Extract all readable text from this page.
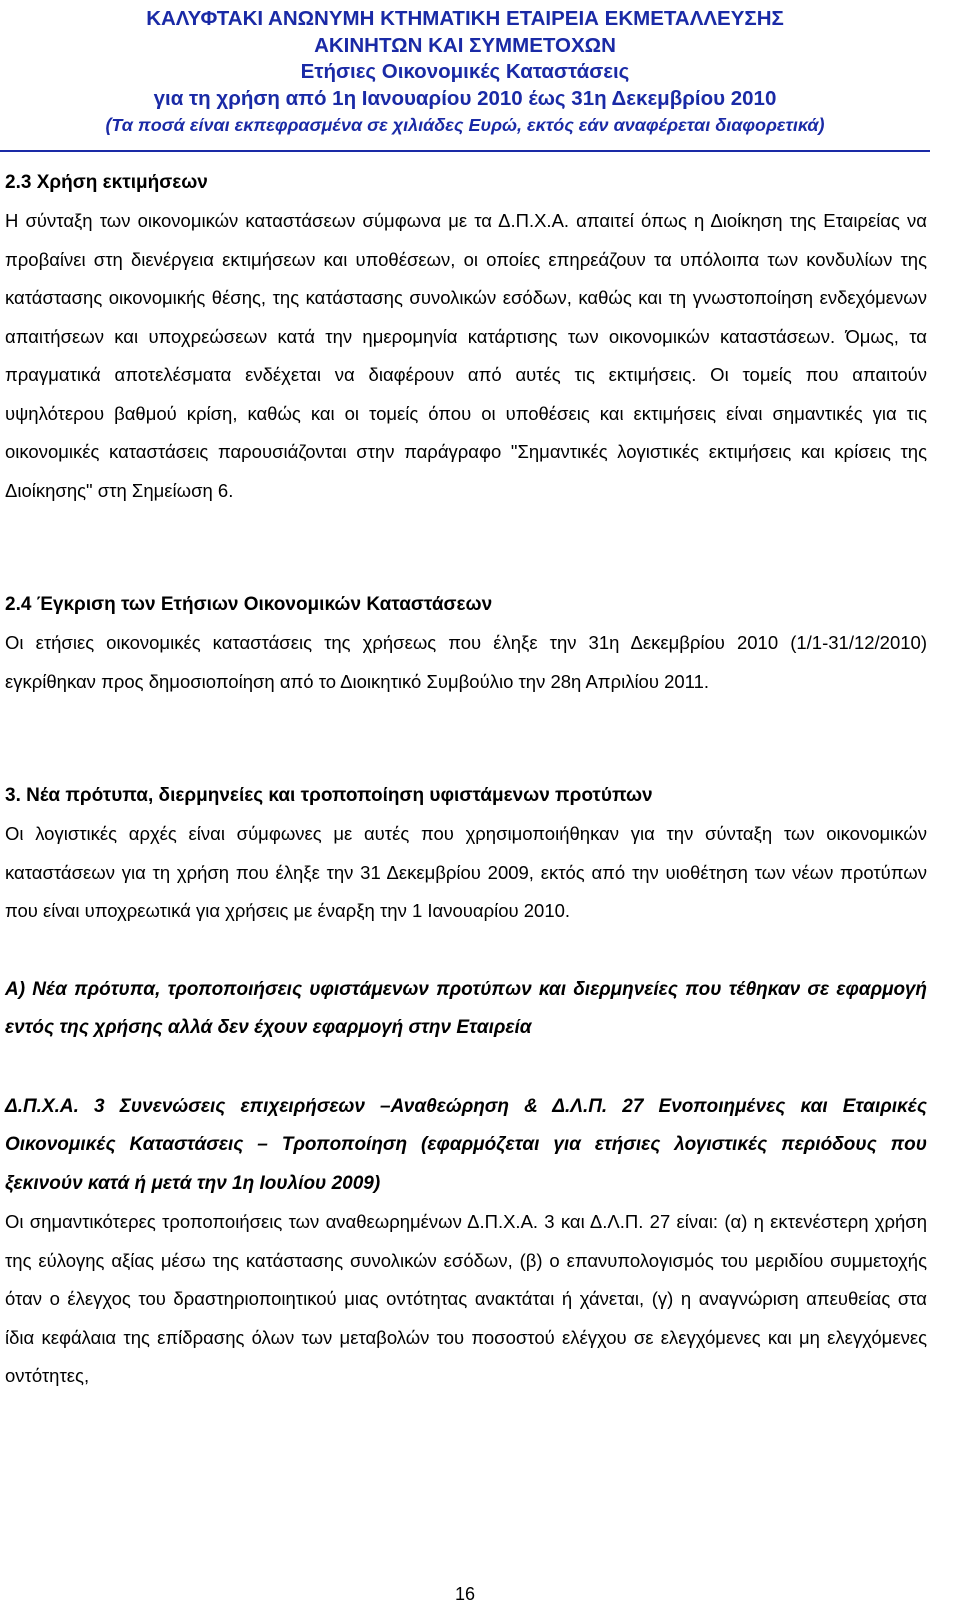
ΚΑΛΥΦΤΑΚΙ ΑΝΩΝΥΜΗ ΚΤΗΜΑΤΙΚΗ ΕΤΑΙΡΕΙΑ ΕΚΜΕΤΑΛΛΕΥΣΗΣ
ΑΚΙΝΗΤΩΝ ΚΑΙ ΣΥΜΜΕΤΟΧΩΝ
Ετήσιες Οικονομικές Καταστάσεις
για τη χρήση από 1η Ιανουαρίου 2010 έως 31η Δεκεμβρίου 2010
(Τα ποσά είναι εκπεφρασμένα σε χιλιάδες Ευρώ, εκτός εάν αναφέρεται διαφορετικά)
2.3 Χρήση εκτιμήσεων

Η σύνταξη των οικονομικών καταστάσεων σύμφωνα με τα Δ.Π.Χ.Α. απαιτεί όπως η Διοίκηση της Εταιρείας να προβαίνει στη διενέργεια εκτιμήσεων και υποθέσεων, οι οποίες επηρεάζουν τα υπόλοιπα των κονδυλίων της κατάστασης οικονομικής θέσης, της κατάστασης συνολικών εσόδων, καθώς και τη γνωστοποίηση ενδεχόμενων απαιτήσεων και υποχρεώσεων κατά την ημερομηνία κατάρτισης των οικονομικών καταστάσεων. Όμως, τα πραγματικά αποτελέσματα ενδέχεται να διαφέρουν από αυτές τις εκτιμήσεις. Οι τομείς που απαιτούν υψηλότερου βαθμού κρίση, καθώς και οι τομείς όπου οι υποθέσεις και εκτιμήσεις είναι σημαντικές για τις οικονομικές καταστάσεις παρουσιάζονται στην παράγραφο "Σημαντικές λογιστικές εκτιμήσεις και κρίσεις της Διοίκησης" στη Σημείωση 6.

2.4 Έγκριση των Ετήσιων Οικονομικών Καταστάσεων

Οι ετήσιες οικονομικές καταστάσεις της χρήσεως που έληξε την 31η Δεκεμβρίου 2010 (1/1-31/12/2010) εγκρίθηκαν προς δημοσιοποίηση από το Διοικητικό Συμβούλιο την 28η Απριλίου 2011.

3. Νέα πρότυπα, διερμηνείες και τροποποίηση υφιστάμενων προτύπων

Οι λογιστικές αρχές είναι σύμφωνες με αυτές που χρησιμοποιήθηκαν για την σύνταξη των οικονομικών καταστάσεων για τη χρήση που έληξε την 31 Δεκεμβρίου 2009, εκτός από την υιοθέτηση των νέων προτύπων που είναι υποχρεωτικά για χρήσεις με έναρξη την 1 Ιανουαρίου 2010.

Α) Νέα πρότυπα, τροποποιήσεις υφιστάμενων προτύπων και διερμηνείες που τέθηκαν σε εφαρμογή εντός της χρήσης αλλά δεν έχουν εφαρμογή στην Εταιρεία
Δ.Π.Χ.Α. 3 Συνενώσεις επιχειρήσεων –Αναθεώρηση & Δ.Λ.Π. 27 Ενοποιημένες και Εταιρικές Οικονομικές Καταστάσεις – Τροποποίηση (εφαρμόζεται για ετήσιες λογιστικές περιόδους που ξεκινούν κατά ή μετά την 1η Ιουλίου 2009)

Οι σημαντικότερες τροποποιήσεις των αναθεωρημένων Δ.Π.Χ.Α. 3 και Δ.Λ.Π. 27 είναι: (α) η εκτενέστερη χρήση της εύλογης αξίας μέσω της κατάστασης συνολικών εσόδων, (β) ο επανυπολογισμός του μεριδίου συμμετοχής όταν ο έλεγχος του δραστηριοποιητικού μιας οντότητας ανακτάται ή χάνεται, (γ) η αναγνώριση απευθείας στα ίδια κεφάλαια της επίδρασης όλων των μεταβολών του ποσοστού ελέγχου σε ελεγχόμενες και μη ελεγχόμενες οντότητες,

16
